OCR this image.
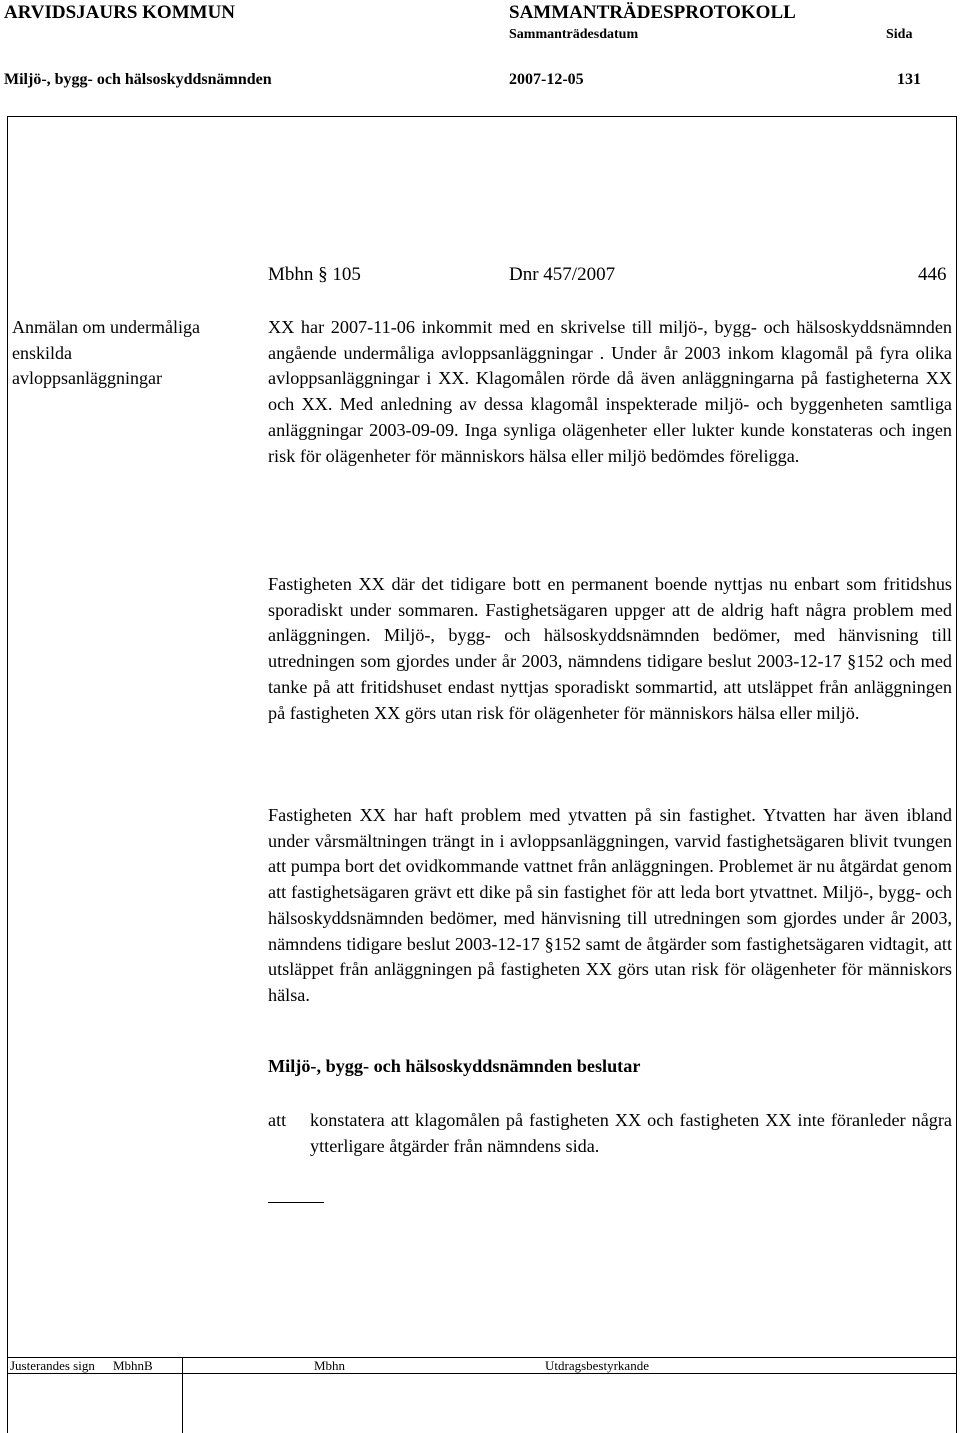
ARVIDSJAURS KOMMUN	SAMMANTRÄDESPROTOKOLL
Sammanträdesdatum	Sida
Miljö-, bygg- och hälsoskyddsnämnden	2007-12-05	131
Mbhn § 105	Dnr 457/2007	446
Anmälan om undermåliga
enskilda
avloppsanläggningar

XX har 2007-11-06 inkommit med en skrivelse till miljö-, bygg- och hälsoskyddsnämnden angående undermåliga avloppsanläggningar . Under år 2003 inkom klagomål på fyra olika avloppsanläggningar i XX. Klagomålen rörde då även anläggningarna på fastigheterna XX och XX. Med anledning av dessa klagomål inspekterade miljö- och byggenheten samtliga anläggningar 2003-09-09. Inga synliga olägenheter eller lukter kunde konstateras och ingen risk för olägenheter för människors hälsa eller miljö bedömdes föreligga.

Fastigheten XX där det tidigare bott en permanent boende nyttjas nu enbart som fritidshus sporadiskt under sommaren. Fastighetsägaren uppger att de aldrig haft några problem med anläggningen. Miljö-, bygg- och hälsoskyddsnämnden bedömer, med hänvisning till utredningen som gjordes under år 2003, nämndens tidigare beslut 2003-12-17 §152 och med tanke på att fritidshuset endast nyttjas sporadiskt sommartid, att utsläppet från anläggningen på fastigheten XX görs utan risk för olägenheter för människors hälsa eller miljö.

Fastigheten XX har haft problem med ytvatten på sin fastighet. Ytvatten har även ibland under vårsmältningen trängt in i avloppsanläggningen, varvid fastighetsägaren blivit tvungen att pumpa bort det ovidkommande vattnet från anläggningen. Problemet är nu åtgärdat genom att fastighetsägaren grävt ett dike på sin fastighet för att leda bort ytvattnet. Miljö-, bygg- och hälsoskyddsnämnden bedömer, med hänvisning till utredningen som gjordes under år 2003, nämndens tidigare beslut 2003-12-17 §152 samt de åtgärder som fastighetsägaren vidtagit, att utsläppet från anläggningen på fastigheten XX görs utan risk för olägenheter för människors hälsa.

Miljö-, bygg- och hälsoskyddsnämnden beslutar
att konstatera att klagomålen på fastigheten XX och fastigheten XX inte föranleder några ytterligare åtgärder från nämndens sida.
Justerandes sign MbhnB	Mbhn	Utdragsbestyrkande
